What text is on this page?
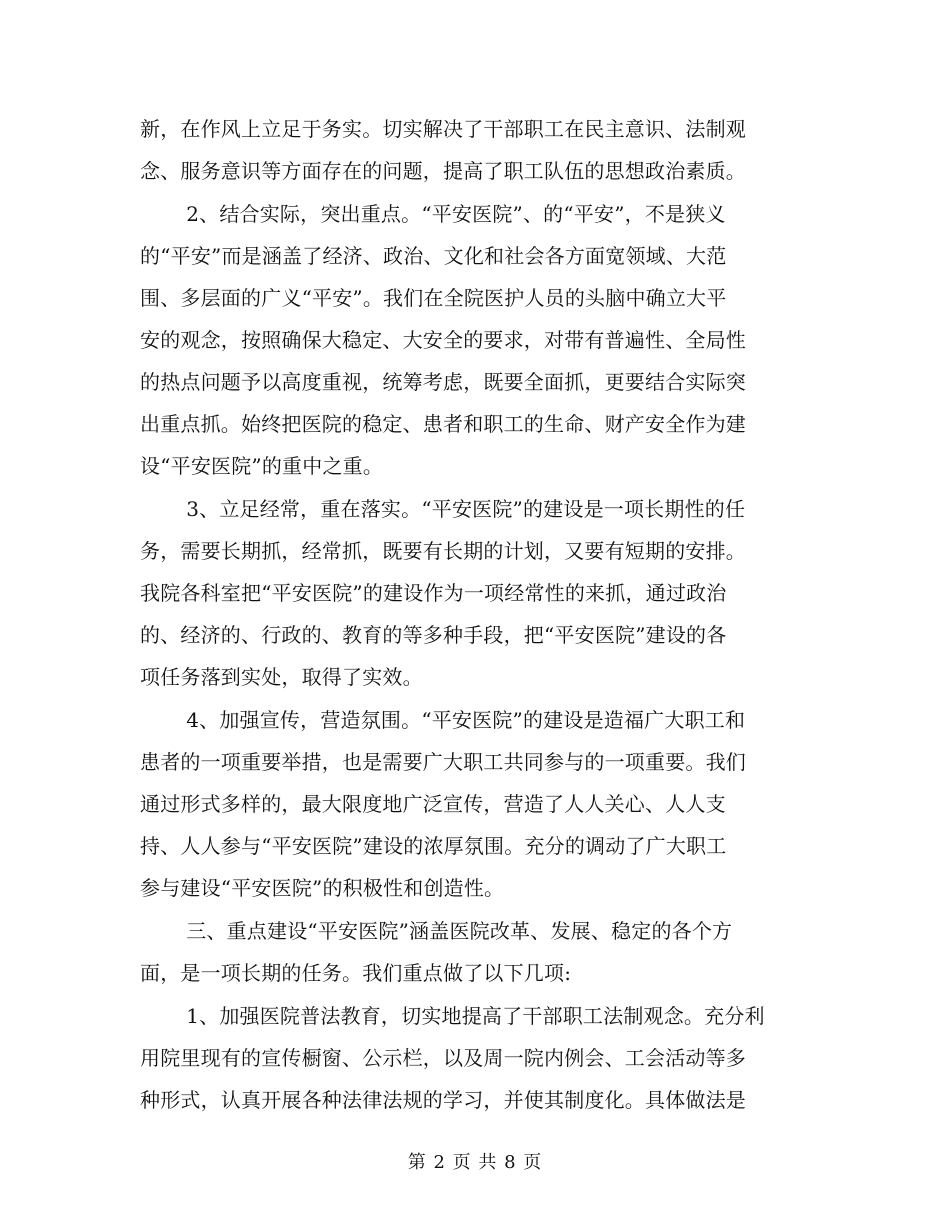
新，在作风上立足于务实。切实解决了干部职工在民主意识、法制观
念、服务意识等方面存在的问题，提高了职工队伍的思想政治素质。
　2、结合实际，突出重点。“平安医院”、的“平安”，不是狭义
的“平安”而是涵盖了经济、政治、文化和社会各方面宽领域、大范
围、多层面的广义“平安”。我们在全院医护人员的头脑中确立大平
安的观念，按照确保大稳定、大安全的要求，对带有普遍性、全局性
的热点问题予以高度重视，统筹考虑，既要全面抓，更要结合实际突
出重点抓。始终把医院的稳定、患者和职工的生命、财产安全作为建
设“平安医院”的重中之重。
　3、立足经常，重在落实。“平安医院”的建设是一项长期性的任
务，需要长期抓，经常抓，既要有长期的计划，又要有短期的安排。
我院各科室把“平安医院”的建设作为一项经常性的来抓，通过政治
的、经济的、行政的、教育的等多种手段，把“平安医院”建设的各
项任务落到实处，取得了实效。
　4、加强宣传，营造氛围。“平安医院”的建设是造福广大职工和
患者的一项重要举措，也是需要广大职工共同参与的一项重要。我们
通过形式多样的，最大限度地广泛宣传，营造了人人关心、人人支
持、人人参与“平安医院”建设的浓厚氛围。充分的调动了广大职工
参与建设“平安医院”的积极性和创造性。
　三、重点建设“平安医院”涵盖医院改革、发展、稳定的各个方
面，是一项长期的任务。我们重点做了以下几项:
　1、加强医院普法教育，切实地提高了干部职工法制观念。充分利
用院里现有的宣传橱窗、公示栏，以及周一院内例会、工会活动等多
种形式，认真开展各种法律法规的学习，并使其制度化。具体做法是
第 2 页 共 8 页
